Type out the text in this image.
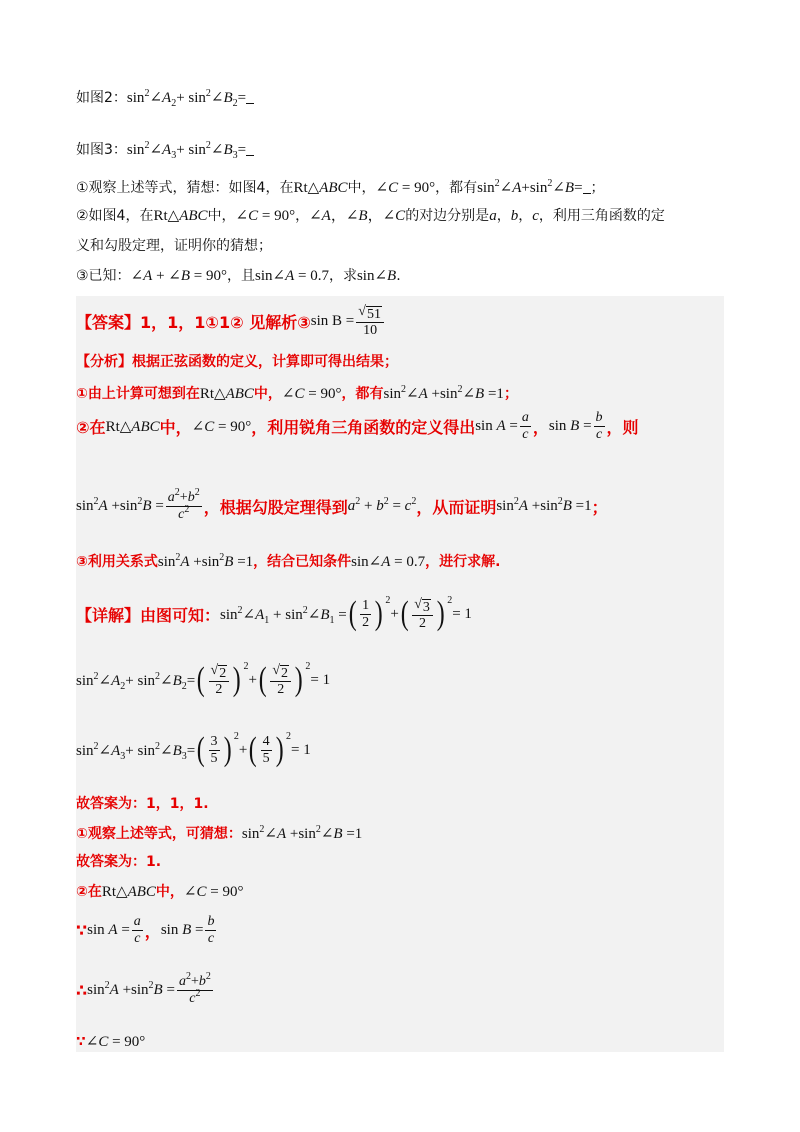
如图2：$\sin^2\angle A_2+$ $\sin^2\angle B_2=$
如图3：$\sin^2\angle A_3+$ $\sin^2\angle B_3=$
①观察上述等式，猜想：如图4，在Rt△ABC中，∠C = 90°，都有$\sin^2\angle A+\sin^2\angle B=$ ；
②如图4，在Rt△ABC中，∠C = 90°，∠A，∠B，∠C的对边分别是a，b，c，利用三角函数的定
义和勾股定理，证明你的猜想；
③已知：∠A + ∠B = 90°，且sin∠A = 0.7，求sin∠B.
【答案】 1，1，1①1② 见解析③ $\sin B = \frac{√ 51}{10}$
【分析】根据正弦函数的定义，计算即可得出结果；
①由上计算可想到在Rt△ABC中，∠C = 90°，都有$\sin^2\angle A$ $+\sin^2\angle B =1$；
②在 Rt△ABC 中， ∠C = 90° ，利用锐角三角函数的定义得出 $\sin A = \frac{a}{c}$ ， $\sin B = \frac{b}{c}$ ，则
$\sin^2A +\sin^2B = \frac{a^2+b^2}{c^2}$ ，根据勾股定理得到 $a^2 + b^2 = c^2$ ，从而证明 $\sin^2A +\sin^2B =1$ ；
③利用关系式$\sin^2A +\sin^2B =1$，结合已知条件sin∠A = 0.7，进行求解.
【详解】 由图可知： $\sin^2\angle A_1$ + $\sin^2\angle B_1$ = ( $\frac{1}{2}$ ) 2
+ ( $\frac{√ 3}{2}$ ) 2
= 1
$\sin^2\angle A_2+$ $\sin^2\angle B_2=$ ( $\frac{√ 2}{2}$ ) 2
+ ( $\frac{√ 2}{2}$ ) 2
= 1
$\sin^2\angle A_3+$ $\sin^2\angle B_3=$ ( $\frac{3}{5}$ ) 2
+ ( $\frac{4}{5}$ ) 2
= 1
故答案为：1，1，1.
①观察上述等式，可猜想：$\sin^2\angle A$ $+\sin^2\angle B =1$
故答案为：1.
②在Rt△ABC中，∠C = 90°
∵ $\sin A = \frac{a}{c}$ ， $\sin B = \frac{b}{c}$
∴ $\sin^2A +\sin^2B = \frac{a^2+b^2}{c^2}$
∵∠C = 90°
